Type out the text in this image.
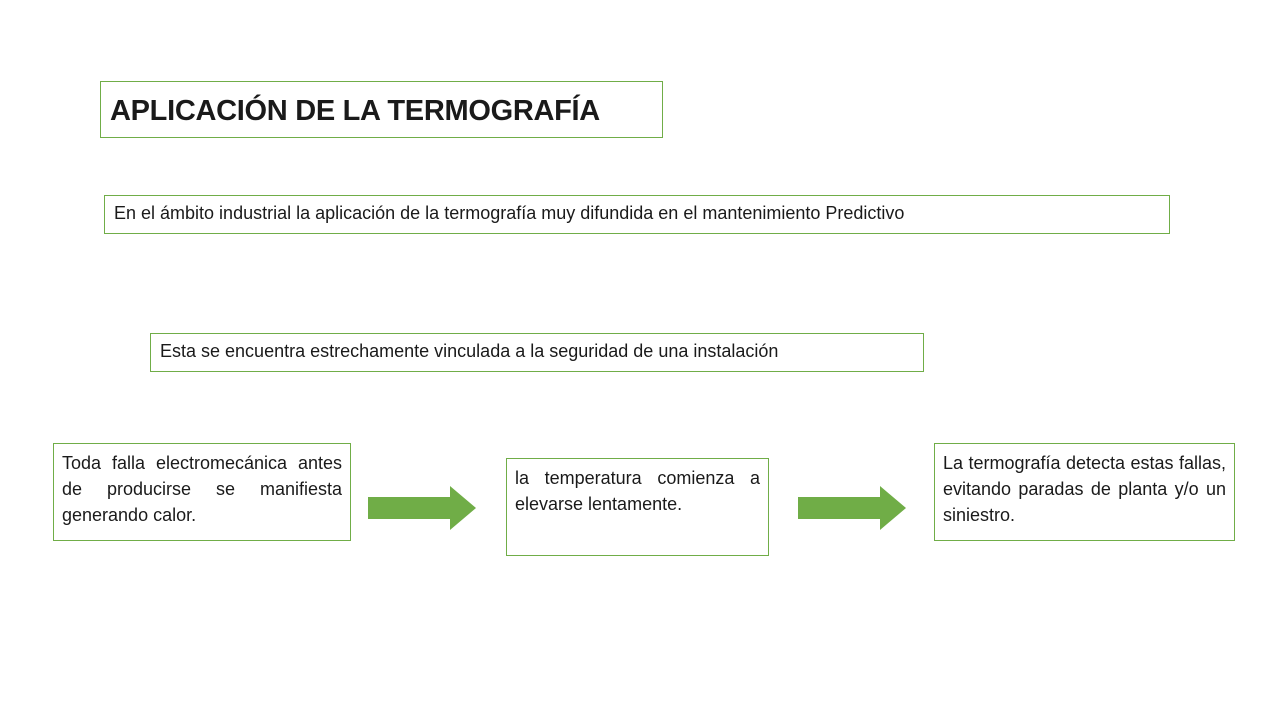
APLICACIÓN DE LA TERMOGRAFÍA
En el ámbito industrial la aplicación de la termografía muy difundida en el mantenimiento Predictivo
Esta se encuentra estrechamente vinculada a la seguridad de una instalación
Toda falla electromecánica antes de producirse se manifiesta generando calor.
la temperatura comienza a elevarse lentamente.
La termografía detecta estas fallas, evitando paradas de planta y/o un siniestro.
